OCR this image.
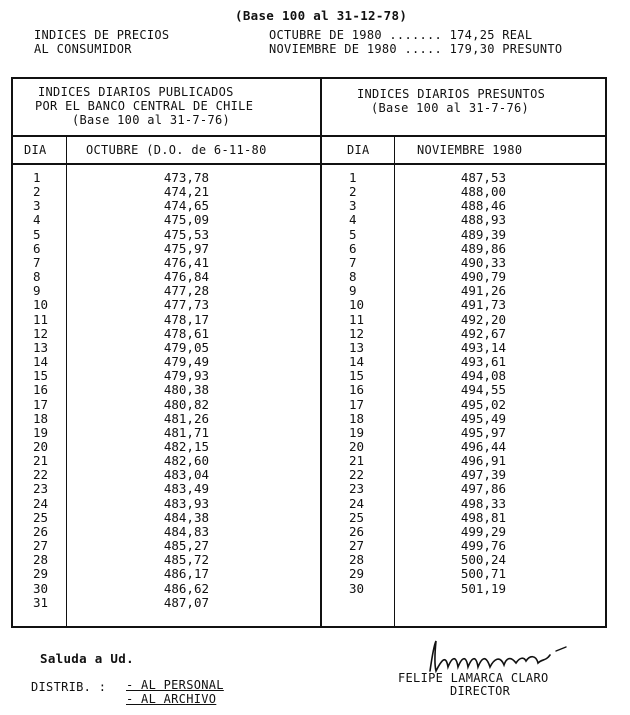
(Base 100 al 31-12-78)
INDICES DE PRECIOS
AL CONSUMIDOR
OCTUBRE DE 1980 ....... 174,25 REAL
NOVIEMBRE DE 1980 ..... 179,30 PRESUNTO
INDICES DIARIOS PUBLICADOS
POR EL BANCO CENTRAL DE CHILE
(Base 100 al 31-7-76)
DIA	OCTUBRE (D.O. de 6-11-80
INDICES DIARIOS PRESUNTOS
(Base 100 al 31-7-76)
DIA	NOVIEMBRE 1980
1
2
3
4
5
6
7
8
9
10
11
12
13
14
15
16
17
18
19
20
21
22
23
24
25
26
27
28
29
30
31
473,78
474,21
474,65
475,09
475,53
475,97
476,41
476,84
477,28
477,73
478,17
478,61
479,05
479,49
479,93
480,38
480,82
481,26
481,71
482,15
482,60
483,04
483,49
483,93
484,38
484,83
485,27
485,72
486,17
486,62
487,07
1
2
3
4
5
6
7
8
9
10
11
12
13
14
15
16
17
18
19
20
21
22
23
24
25
26
27
28
29
30
487,53
488,00
488,46
488,93
489,39
489,86
490,33
490,79
491,26
491,73
492,20
492,67
493,14
493,61
494,08
494,55
495,02
495,49
495,97
496,44
496,91
497,39
497,86
498,33
498,81
499,29
499,76
500,24
500,71
501,19
Saluda a Ud.
DISTRIB. : - AL PERSONAL
- AL ARCHIVO
FELIPE LAMARCA CLARO
DIRECTOR
